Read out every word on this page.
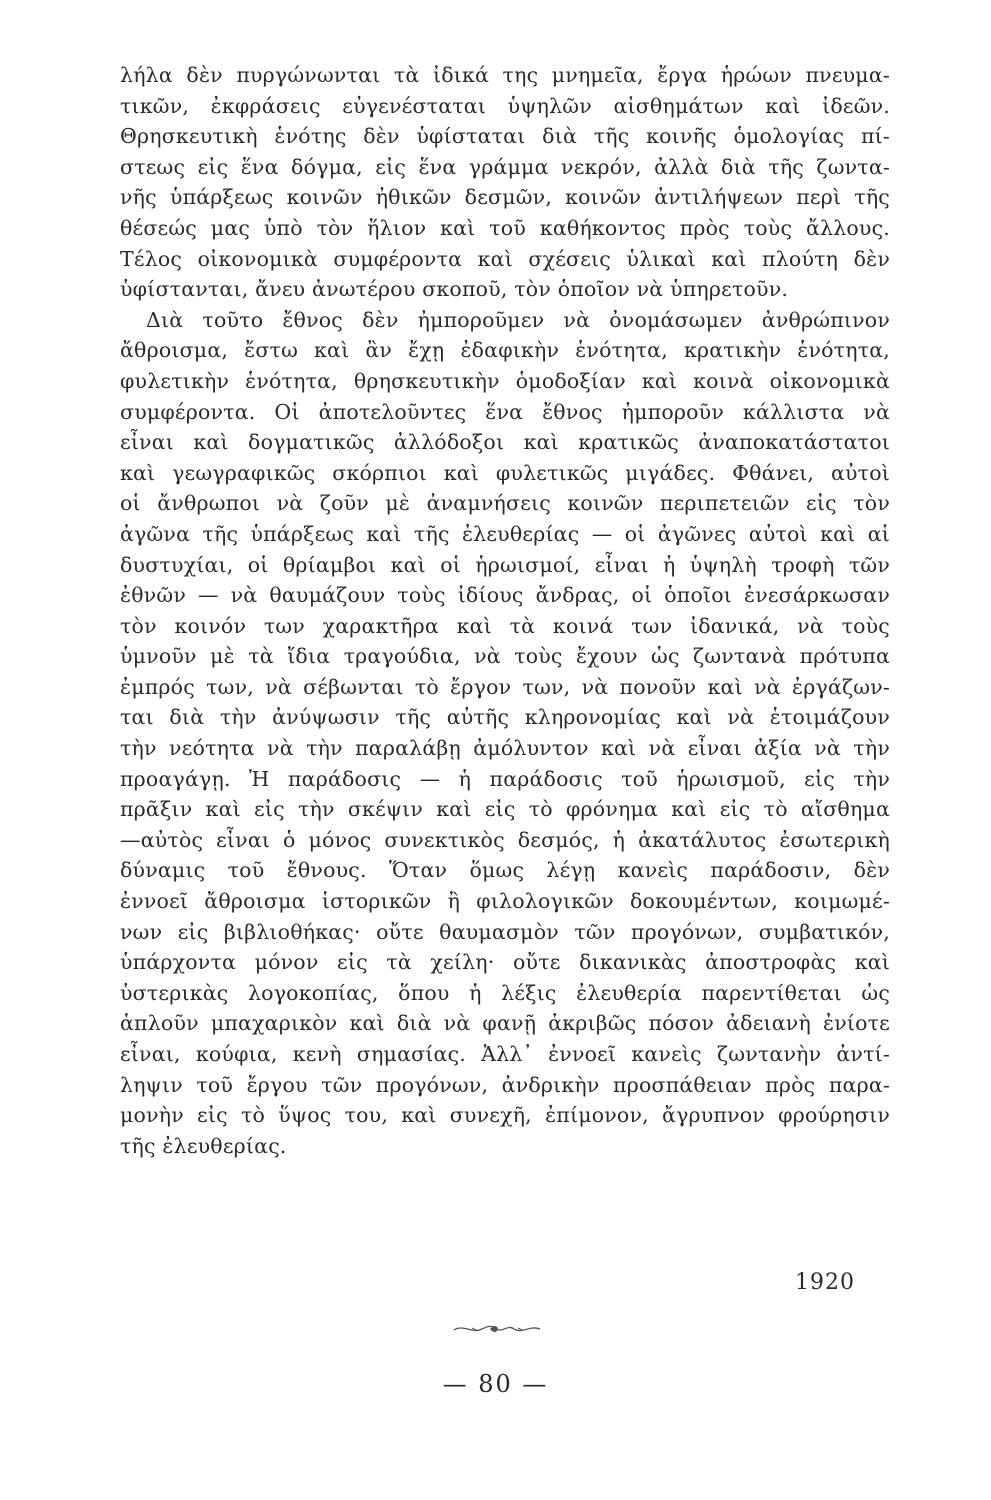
λήλα δὲν πυργώνωνται τὰ ἰδικά της μνημεῖα, ἔργα ἡρώων πνευμα-
τικῶν, ἐκφράσεις εὐγενέσταται ὑψηλῶν αἰσθημάτων καὶ ἰδεῶν.
Θρησκευτικὴ ἑνότης δὲν ὑφίσταται διὰ τῆς κοινῆς ὁμολογίας πί-
στεως εἰς ἕνα δόγμα, εἰς ἕνα γράμμα νεκρόν, ἀλλὰ διὰ τῆς ζωντα-
νῆς ὑπάρξεως κοινῶν ἠθικῶν δεσμῶν, κοινῶν ἀντιλήψεων περὶ τῆς
θέσεώς μας ὑπὸ τὸν ἥλιον καὶ τοῦ καθήκοντος πρὸς τοὺς ἄλλους.
Τέλος οἰκονομικὰ συμφέροντα καὶ σχέσεις ὑλικαὶ καὶ πλούτη δὲν
ὑφίστανται, ἄνευ ἀνωτέρου σκοποῦ, τὸν ὁποῖον νὰ ὑπηρετοῦν.
Διὰ τοῦτο ἔθνος δὲν ἠμποροῦμεν νὰ ὀνομάσωμεν ἀνθρώπινον
ἄθροισμα, ἔστω καὶ ἂν ἔχῃ ἐδαφικὴν ἑνότητα, κρατικὴν ἑνότητα,
φυλετικὴν ἑνότητα, θρησκευτικὴν ὁμοδοξίαν καὶ κοινὰ οἰκονομικὰ
συμφέροντα. Οἱ ἀποτελοῦντες ἕνα ἔθνος ἠμποροῦν κάλλιστα νὰ
εἶναι καὶ δογματικῶς ἀλλόδοξοι καὶ κρατικῶς ἀναποκατάστατοι
καὶ γεωγραφικῶς σκόρπιοι καὶ φυλετικῶς μιγάδες. Φθάνει, αὐτοὶ
οἱ ἄνθρωποι νὰ ζοῦν μὲ ἀναμνήσεις κοινῶν περιπετειῶν εἰς τὸν
ἀγῶνα τῆς ὑπάρξεως καὶ τῆς ἐλευθερίας — οἱ ἀγῶνες αὐτοὶ καὶ αἱ
δυστυχίαι, οἱ θρίαμβοι καὶ οἱ ἡρωισμοί, εἶναι ἡ ὑψηλὴ τροφὴ τῶν
ἐθνῶν — νὰ θαυμάζουν τοὺς ἰδίους ἄνδρας, οἱ ὁποῖοι ἐνεσάρκωσαν
τὸν κοινόν των χαρακτῆρα καὶ τὰ κοινά των ἰδανικά, νὰ τοὺς
ὑμνοῦν μὲ τὰ ἴδια τραγούδια, νὰ τοὺς ἔχουν ὡς ζωντανὰ πρότυπα
ἐμπρός των, νὰ σέβωνται τὸ ἔργον των, νὰ πονοῦν καὶ νὰ ἐργάζων-
ται διὰ τὴν ἀνύψωσιν τῆς αὐτῆς κληρονομίας καὶ νὰ ἑτοιμάζουν
τὴν νεότητα νὰ τὴν παραλάβῃ ἀμόλυντον καὶ νὰ εἶναι ἀξία νὰ τὴν
προαγάγῃ. Ἡ παράδοσις — ἡ παράδοσις τοῦ ἡρωισμοῦ, εἰς τὴν
πρᾶξιν καὶ εἰς τὴν σκέψιν καὶ εἰς τὸ φρόνημα καὶ εἰς τὸ αἴσθημα
—αὐτὸς εἶναι ὁ μόνος συνεκτικὸς δεσμός, ἡ ἀκατάλυτος ἐσωτερικὴ
δύναμις τοῦ ἔθνους. Ὅταν ὅμως λέγῃ κανεὶς παράδοσιν, δὲν
ἐννοεῖ ἄθροισμα ἱστορικῶν ἢ φιλολογικῶν δοκουμέντων, κοιμωμέ-
νων εἰς βιβλιοθήκας· οὔτε θαυμασμὸν τῶν προγόνων, συμβατικόν,
ὑπάρχοντα μόνον εἰς τὰ χείλη· οὔτε δικανικὰς ἀποστροφὰς καὶ
ὑστερικὰς λογοκοπίας, ὅπου ἡ λέξις ἐλευθερία παρεντίθεται ὡς
ἁπλοῦν μπαχαρικὸν καὶ διὰ νὰ φανῇ ἀκριβῶς πόσον ἀδειανὴ ἐνίοτε
εἶναι, κούφια, κενὴ σημασίας. Ἀλλ᾽ ἐννοεῖ κανεὶς ζωντανὴν ἀντί-
ληψιν τοῦ ἔργου τῶν προγόνων, ἀνδρικὴν προσπάθειαν πρὸς παρα-
μονὴν εἰς τὸ ὕψος του, καὶ συνεχῆ, ἐπίμονον, ἄγρυπνον φρούρησιν
τῆς ἐλευθερίας.
1920
— 80 —
